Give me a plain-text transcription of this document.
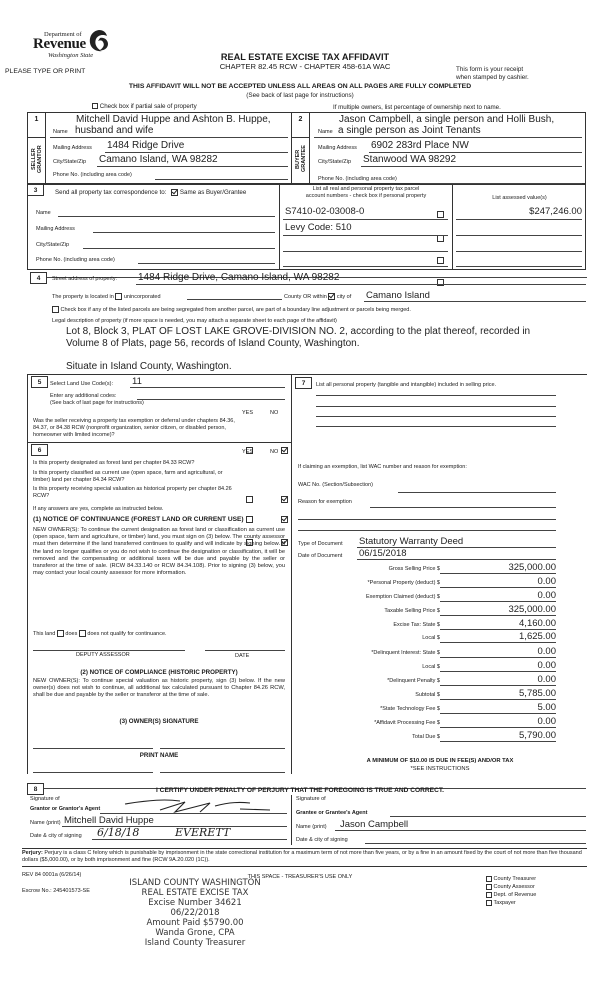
Department of
Revenue
Washington State
PLEASE TYPE OR PRINT
REAL ESTATE EXCISE TAX AFFIDAVIT
CHAPTER 82.45 RCW - CHAPTER 458-61A WAC	This form is your receipt
when stamped by cashier.
THIS AFFIDAVIT WILL NOT BE ACCEPTED UNLESS ALL AREAS ON ALL PAGES ARE FULLY COMPLETED
(See back of last page for instructions)
Check box if partial sale of property	If multiple owners, list percentage of ownership next to name.
1
SELLER
GRANTOR
Mitchell David Huppe and Ashton B. Huppe,
Name husband and wife
Mailing Address 1484 Ridge Drive
City/State/Zip Camano Island, WA 98282
Phone No. (including area code)
2
BUYER
GRANTEE
Jason Campbell, a single person and Holli Bush,
Name a single person as Joint Tenants
Mailing Address 6902 283rd Place NW
City/State/Zip Stanwood WA 98292
Phone No. (including area code)
3	Send all property tax correspondence to: Same as Buyer/Grantee
Name
Mailing Address
City/State/Zip
Phone No. (including area code)
List all real and personal property tax parcel
account numbers - check box if personal property	List assessed value(s)
S7410-02-03008-0	$247,246.00
Levy Code: 510
4	Street address of property: 1484 Ridge Drive, Camano Island, WA 98282
The property is located in unincorporated	County OR within city of Camano Island
Check box if any of the listed parcels are being segregated from another parcel, are part of a boundary line adjustment or parcels being merged.
Legal description of property (if more space is needed, you may attach a separate sheet to each page of the affidavit)
Lot 8, Block 3, PLAT OF LOST LAKE GROVE-DIVISION NO. 2, according to the plat thereof, recorded in
Volume 8 of Plats, page 56, records of Island County, Washington.
Situate in Island County, Washington.
5	Select Land Use Code(s): 11
Enter any additional codes:
(See back of last page for instructions)
YES	NO
Was the seller receiving a property tax exemption or deferral under chapters 84.36, 84.37, or 84.38 RCW (nonprofit organization, senior citizen, or disabled person, homeowner with limited income)?

6	YES	NO
Is this property designated as forest land per chapter 84.33 RCW?

Is this property classified as current use (open space, farm and agricultural, or timber) land per chapter 84.34 RCW?

Is this property receiving special valuation as historical property per chapter 84.26 RCW?

If any answers are yes, complete as instructed below.
(1) NOTICE OF CONTINUANCE (FOREST LAND OR CURRENT USE)
NEW OWNER(S): To continue the current designation as forest land or classification as current use (open space, farm and agriculture, or timber) land, you must sign on (3) below. The county assessor must then determine if the land transferred continues to qualify and will indicate by signing below. If the land no longer qualifies or you do not wish to continue the designation or classification, it will be removed and the compensating or additional taxes will be due and payable by the seller or transferor at the time of sale. (RCW 84.33.140 or RCW 84.34.108). Prior to signing (3) below, you may contact your local county assessor for more information.
This land does does not qualify for continuance.
DEPUTY ASSESSOR	DATE
(2) NOTICE OF COMPLIANCE (HISTORIC PROPERTY)
NEW OWNER(S): To continue special valuation as historic property, sign (3) below. If the new owner(s) does not wish to continue, all additional tax calculated pursuant to Chapter 84.26 RCW, shall be due and payable by the seller or transferor at the time of sale.
(3) OWNER(S) SIGNATURE
PRINT NAME
7	List all personal property (tangible and intangible) included in selling price.
If claiming an exemption, list WAC number and reason for exemption:
WAC No. (Section/Subsection)
Reason for exemption
Type of Document Statutory Warranty Deed
Date of Document 06/15/2018
Gross Selling Price $	325,000.00
*Personal Property (deduct) $	0.00
Exemption Claimed (deduct) $	0.00
Taxable Selling Price $	325,000.00
Excise Tax: State $	4,160.00
Local $	1,625.00
*Delinquent Interest: State $	0.00
Local $	0.00
*Delinquent Penalty $	0.00
Subtotal $	5,785.00
*State Technology Fee $	5.00
*Affidavit Processing Fee $	0.00
Total Due $	5,790.00
A MINIMUM OF $10.00 IS DUE IN FEE(S) AND/OR TAX
*SEE INSTRUCTIONS
8	I CERTIFY UNDER PENALTY OF PERJURY THAT THE FOREGOING IS TRUE AND CORRECT.
Signature of
Grantor or Grantor's Agent
Name (print) Mitchell David Huppe
Date & city of signing 6/18/18	EVERETT
Signature of
Grantee or Grantee's Agent
Name (print) Jason Campbell
Date & city of signing
Perjury: Perjury is a class C felony which is punishable by imprisonment in the state correctional institution for a maximum term of not more than five years, or by a fine in an amount fixed by the court of not more than five thousand dollars ($5,000.00), or by both imprisonment and fine (RCW 9A.20.020 (1C)).
REV 84 0001a (6/26/14)	THIS SPACE - TREASURER'S USE ONLY
Escrow No.: 245401573-SE
ISLAND COUNTY WASHINGTON
REAL ESTATE EXCISE TAX
Excise Number 34621
06/22/2018
Amount Paid $5790.00
Wanda Grone, CPA
Island County Treasurer
County Treasurer
County Assessor
Dept. of Revenue
Taxpayer
